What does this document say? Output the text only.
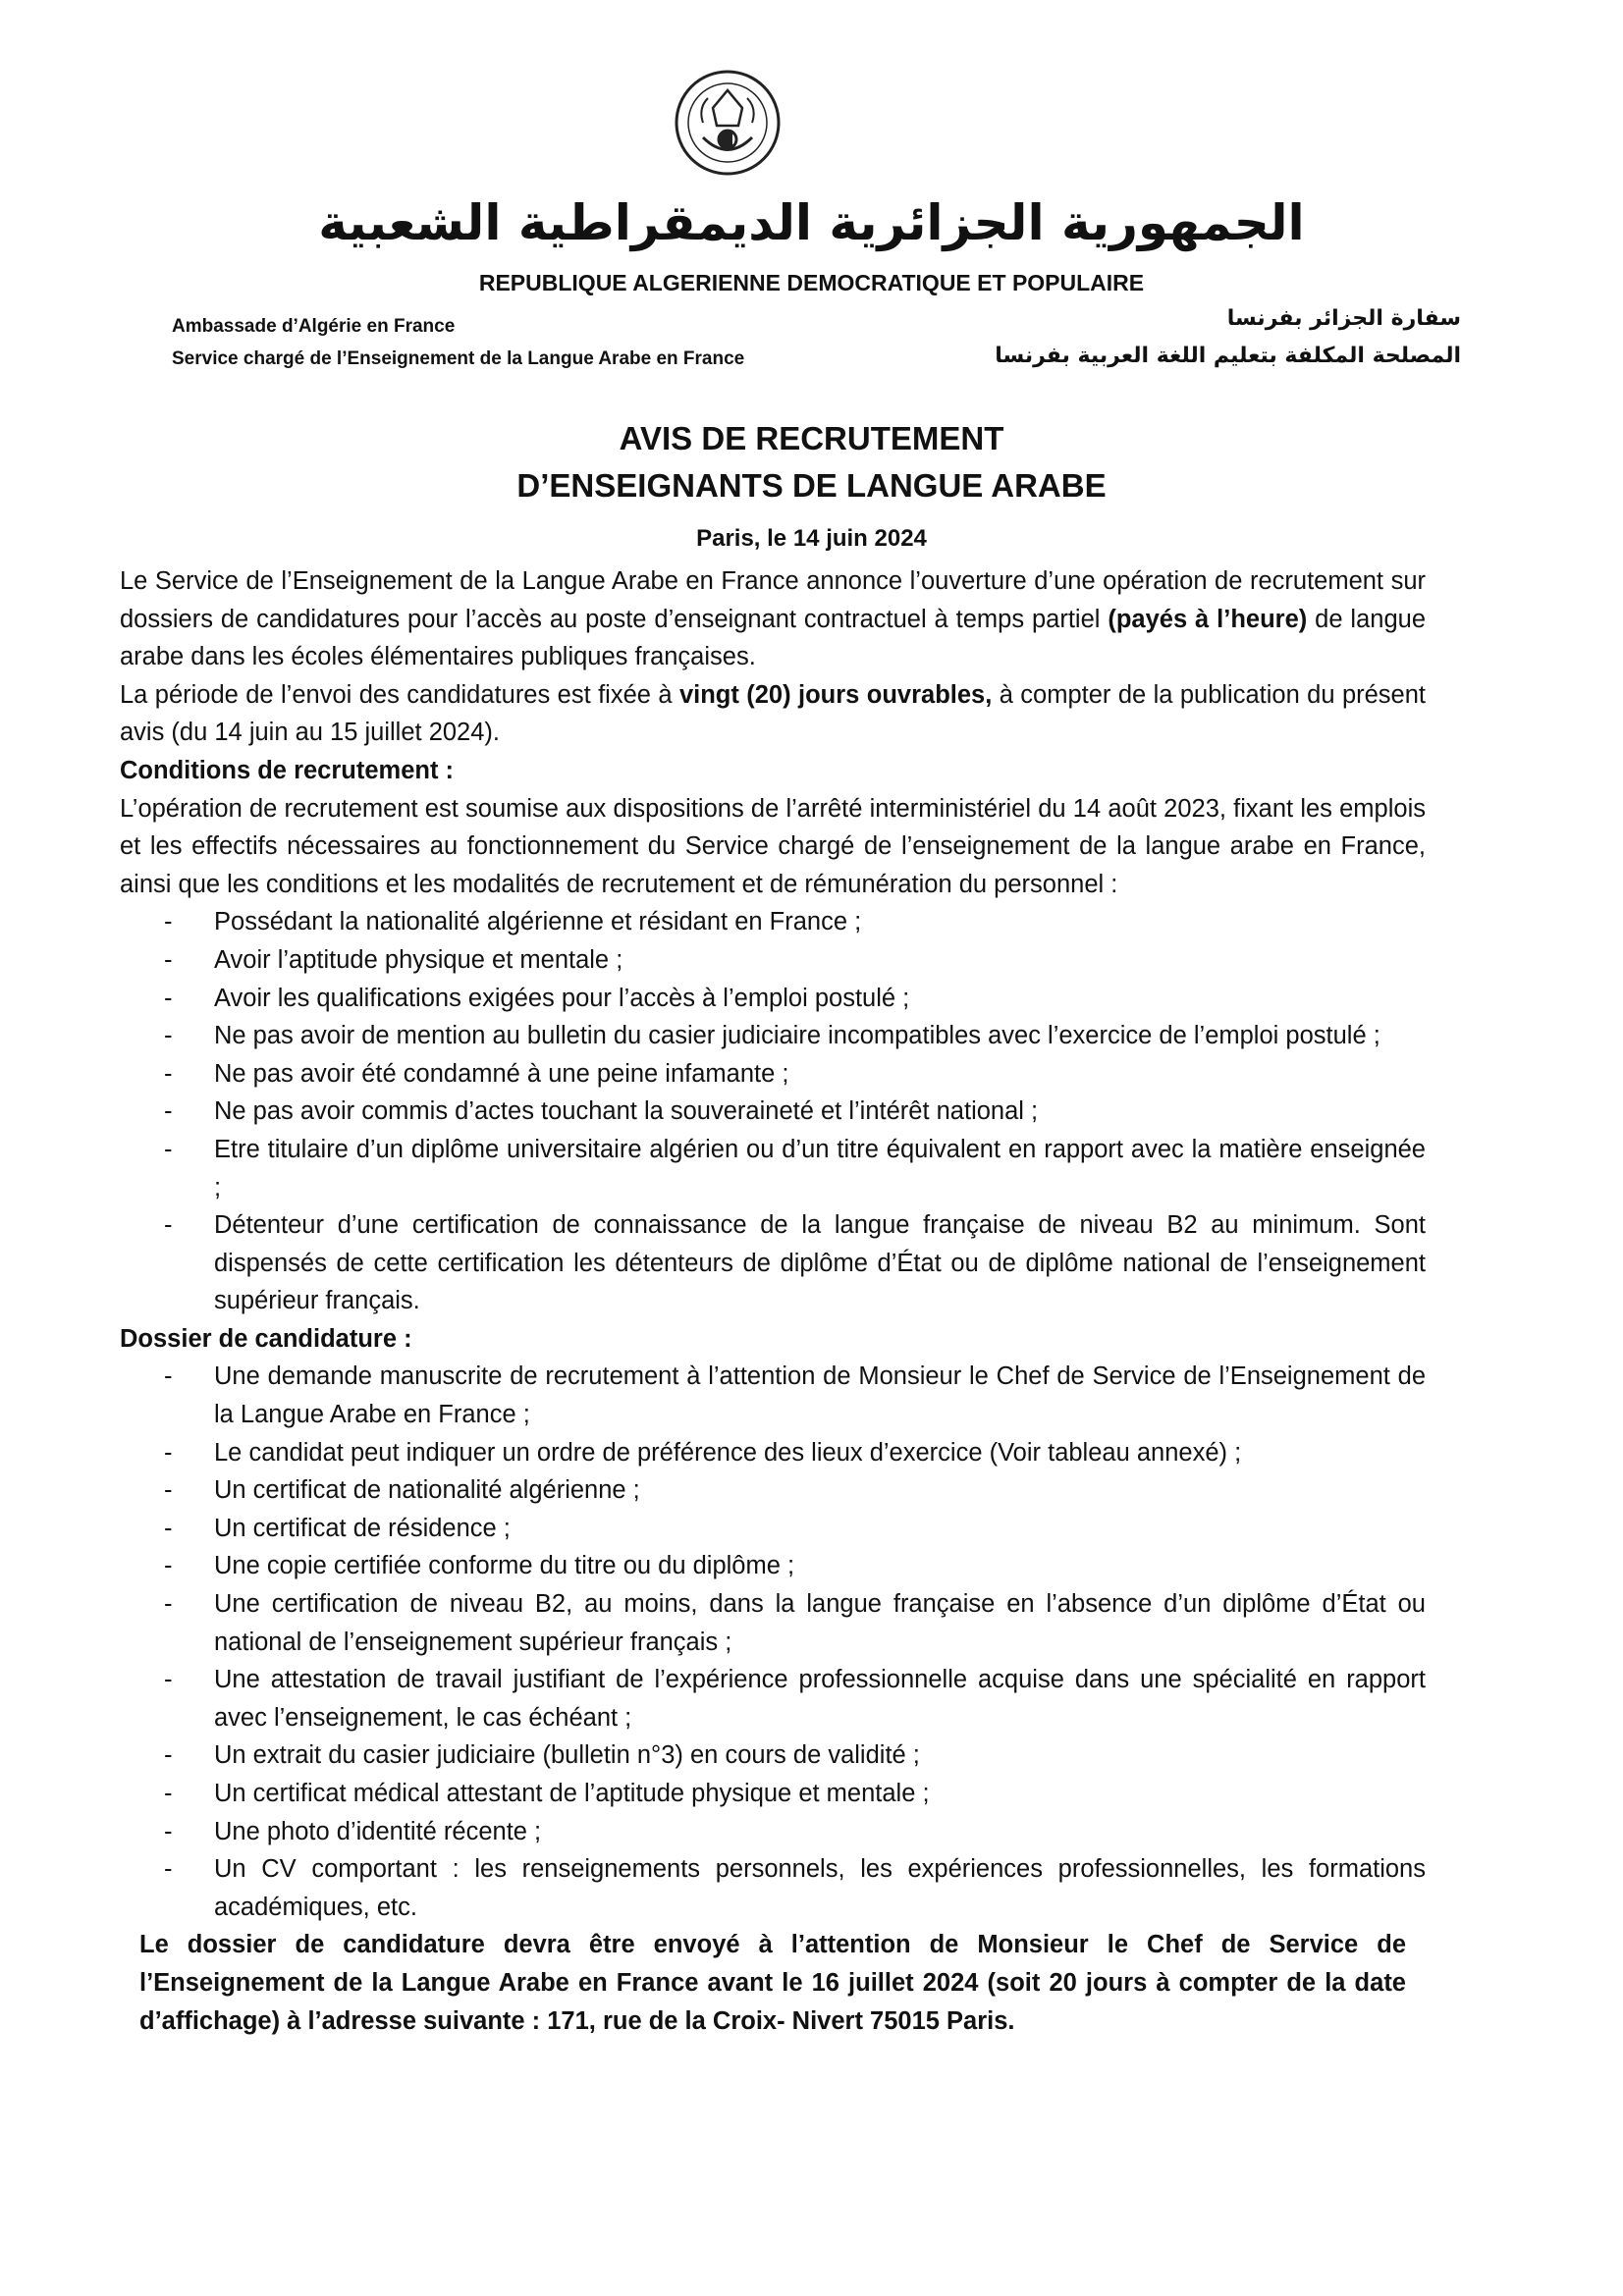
الجمهورية الجزائرية الديمقراطية الشعبية
REPUBLIQUE ALGERIENNE DEMOCRATIQUE ET POPULAIRE
Ambassade d’Algérie en France
Service chargé de l’Enseignement de la Langue Arabe en France
سفارة الجزائر بفرنسا
المصلحة المكلفة بتعليم اللغة العربية بفرنسا
AVIS DE RECRUTEMENT
D’ENSEIGNANTS DE LANGUE ARABE
Paris, le 14 juin 2024

Le Service de l’Enseignement de la Langue Arabe en France annonce l’ouverture d’une opération de recrutement sur dossiers de candidatures pour l’accès au poste d’enseignant contractuel à temps partiel (payés à l’heure) de langue arabe dans les écoles élémentaires publiques françaises.

La période de l’envoi des candidatures est fixée à vingt (20) jours ouvrables, à compter de la publication du présent avis (du 14 juin au 15 juillet 2024).

Conditions de recrutement :

L’opération de recrutement est soumise aux dispositions de l’arrêté interministériel du 14 août 2023, fixant les emplois et les effectifs nécessaires au fonctionnement du Service chargé de l’enseignement de la langue arabe en France, ainsi que les conditions et les modalités de recrutement et de rémunération du personnel :

- Possédant la nationalité algérienne et résidant en France ;
- Avoir l’aptitude physique et mentale ;
- Avoir les qualifications exigées pour l’accès à l’emploi postulé ;
- Ne pas avoir de mention au bulletin du casier judiciaire incompatibles avec l’exercice de l’emploi postulé ;
- Ne pas avoir été condamné à une peine infamante ;
- Ne pas avoir commis d’actes touchant la souveraineté et l’intérêt national ;
- Etre titulaire d’un diplôme universitaire algérien ou d’un titre équivalent en rapport avec la matière enseignée ;
- Détenteur d’une certification de connaissance de la langue française de niveau B2 au minimum. Sont dispensés de cette certification les détenteurs de diplôme d’État ou de diplôme national de l’enseignement supérieur français.

Dossier de candidature :

- Une demande manuscrite de recrutement à l’attention de Monsieur le Chef de Service de l’Enseignement de la Langue Arabe en France ;
- Le candidat peut indiquer un ordre de préférence des lieux d’exercice (Voir tableau annexé) ;
- Un certificat de nationalité algérienne ;
- Un certificat de résidence ;
- Une copie certifiée conforme du titre ou du diplôme ;
- Une certification de niveau B2, au moins, dans la langue française en l’absence d’un diplôme d’État ou national de l’enseignement supérieur français ;
- Une attestation de travail justifiant de l’expérience professionnelle acquise dans une spécialité en rapport avec l’enseignement, le cas échéant ;
- Un extrait du casier judiciaire (bulletin n°3) en cours de validité ;
- Un certificat médical attestant de l’aptitude physique et mentale ;
- Une photo d’identité récente ;
- Un CV comportant : les renseignements personnels, les expériences professionnelles, les formations académiques, etc.

Le dossier de candidature devra être envoyé à l’attention de Monsieur le Chef de Service de l’Enseignement de la Langue Arabe en France avant le 16 juillet 2024 (soit 20 jours à compter de la date d’affichage) à l’adresse suivante : 171, rue de la Croix- Nivert 75015 Paris.
